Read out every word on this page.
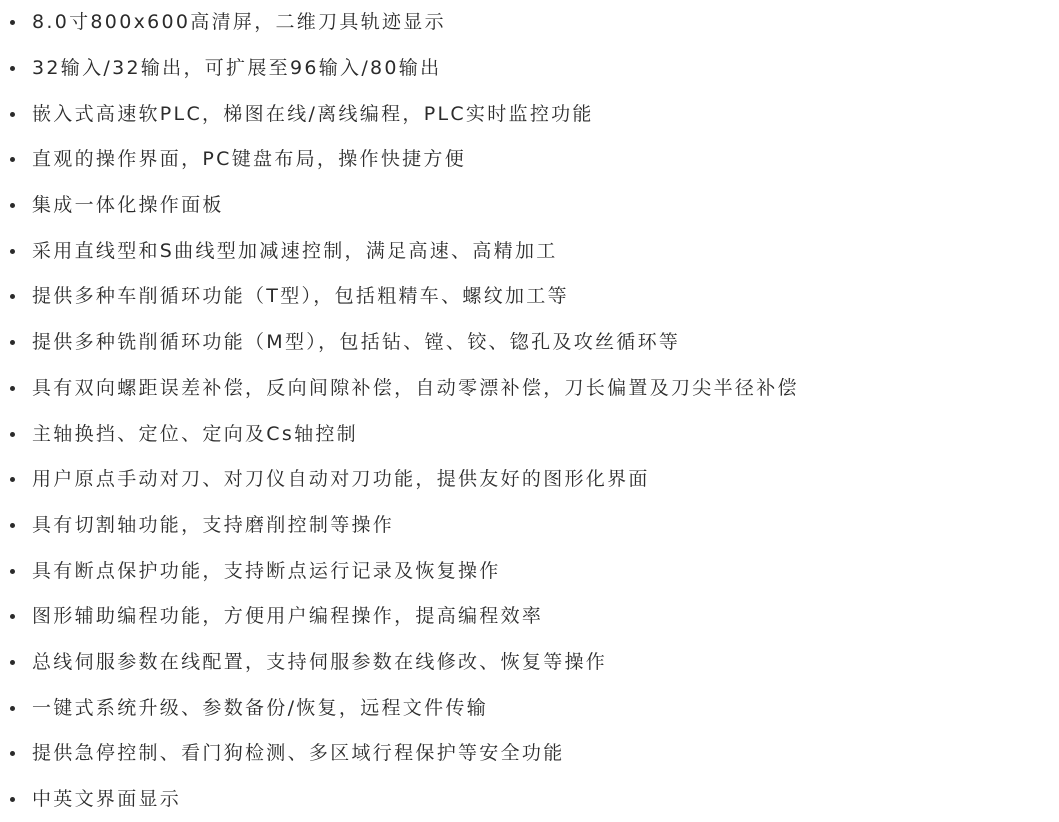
8.0寸800x600高清屏，二维刀具轨迹显示
32输入/32输出，可扩展至96输入/80输出
嵌入式高速软PLC，梯图在线/离线编程，PLC实时监控功能
直观的操作界面，PC键盘布局，操作快捷方便
集成一体化操作面板
采用直线型和S曲线型加减速控制，满足高速、高精加工
提供多种车削循环功能（T型），包括粗精车、螺纹加工等
提供多种铣削循环功能（M型），包括钻、镗、铰、锪孔及攻丝循环等
具有双向螺距误差补偿，反向间隙补偿，自动零漂补偿，刀长偏置及刀尖半径补偿
主轴换挡、定位、定向及Cs轴控制
用户原点手动对刀、对刀仪自动对刀功能，提供友好的图形化界面
具有切割轴功能，支持磨削控制等操作
具有断点保护功能，支持断点运行记录及恢复操作
图形辅助编程功能，方便用户编程操作，提高编程效率
总线伺服参数在线配置，支持伺服参数在线修改、恢复等操作
一键式系统升级、参数备份/恢复，远程文件传输
提供急停控制、看门狗检测、多区域行程保护等安全功能
中英文界面显示
